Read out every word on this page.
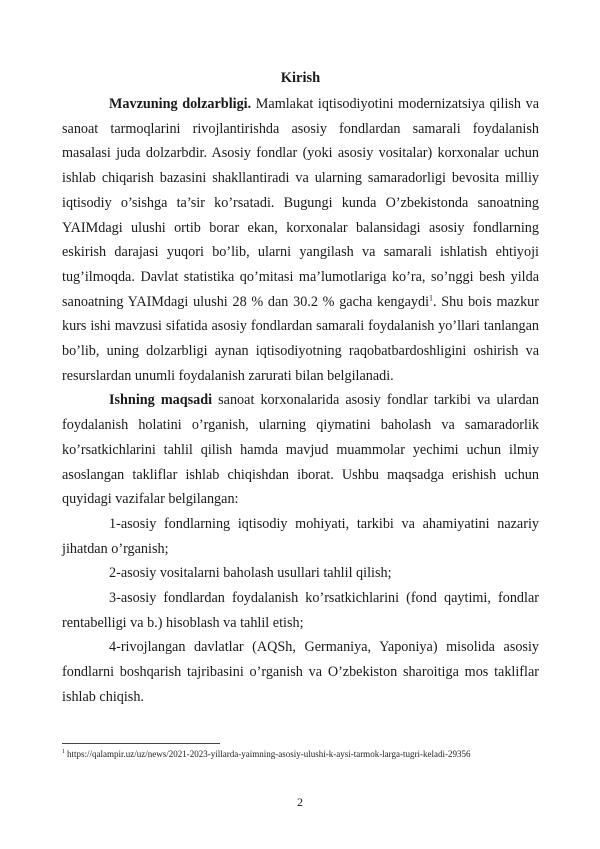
Kirish

Mavzuning dolzarbligi. Mamlakat iqtisodiyotini modernizatsiya qilish va sanoat tarmoqlarini rivojlantirishda asosiy fondlardan samarali foydalanish masalasi juda dolzarbdir. Asosiy fondlar (yoki asosiy vositalar) korxonalar uchun ishlab chiqarish bazasini shakllantiradi va ularning samaradorligi bevosita milliy iqtisodiy o’sishga ta’sir ko’rsatadi. Bugungi kunda O’zbekistonda sanoatning YAIMdagi ulushi ortib borar ekan, korxonalar balansidagi asosiy fondlarning eskirish darajasi yuqori bo’lib, ularni yangilash va samarali ishlatish ehtiyoji tug’ilmoqda. Davlat statistika qo’mitasi ma’lumotlariga ko’ra, so’nggi besh yilda sanoatning YAIMdagi ulushi 28 % dan 30.2 % gacha kengaydi$^1$. Shu bois mazkur kurs ishi mavzusi sifatida asosiy fondlardan samarali foydalanish yo’llari tanlangan bo’lib, uning dolzarbligi aynan iqtisodiyotning raqobatbardoshligini oshirish va resurslardan unumli foydalanish zarurati bilan belgilanadi.

Ishning maqsadi sanoat korxonalarida asosiy fondlar tarkibi va ulardan foydalanish holatini o’rganish, ularning qiymatini baholash va samaradorlik ko’rsatkichlarini tahlil qilish hamda mavjud muammolar yechimi uchun ilmiy asoslangan takliflar ishlab chiqishdan iborat. Ushbu maqsadga erishish uchun quyidagi vazifalar belgilangan:

1-asosiy fondlarning iqtisodiy mohiyati, tarkibi va ahamiyatini nazariy jihatdan o’rganish;

2-asosiy vositalarni baholash usullari tahlil qilish;

3-asosiy fondlardan foydalanish ko’rsatkichlarini (fond qaytimi, fondlar rentabelligi va b.) hisoblash va tahlil etish;

4-rivojlangan davlatlar (AQSh, Germaniya, Yaponiya) misolida asosiy fondlarni boshqarish tajribasini o’rganish va O’zbekiston sharoitiga mos takliflar ishlab chiqish.

$^1$ https://qalampir.uz/uz/news/2021-2023-yillarda-yaimning-asosiy-ulushi-k-aysi-tarmok-larga-tugri-keladi-29356
2
